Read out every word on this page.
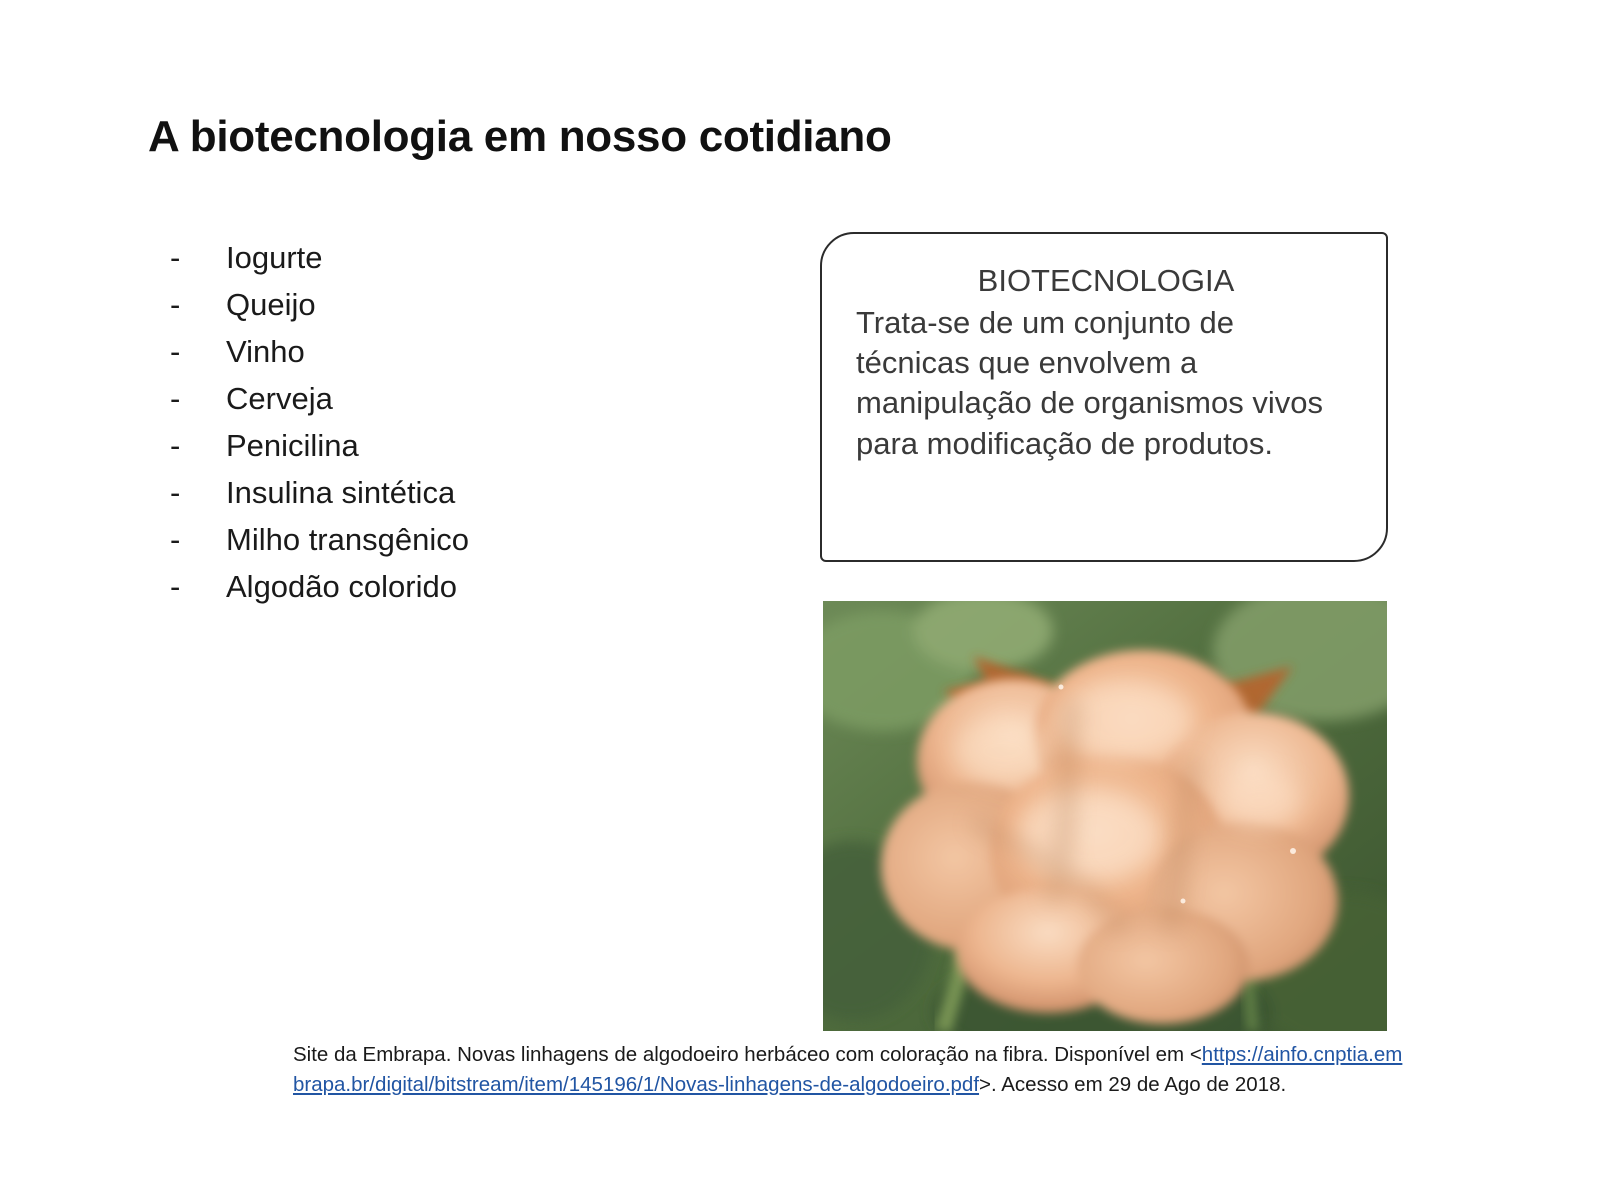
A biotecnologia em nosso cotidiano
-	Iogurte
-	Queijo
-	Vinho
-	Cerveja
-	Penicilina
-	Insulina sintética
-	Milho transgênico
-	Algodão colorido
BIOTECNOLOGIA
Trata-se de um conjunto de técnicas que envolvem a manipulação de organismos vivos para modificação de produtos.
Site da Embrapa. Novas linhagens de algodoeiro herbáceo com coloração na fibra. Disponível em <https://ainfo.cnptia.embrapa.br/digital/bitstream/item/145196/1/Novas-linhagens-de-algodoeiro.pdf>. Acesso em 29 de Ago de 2018.
